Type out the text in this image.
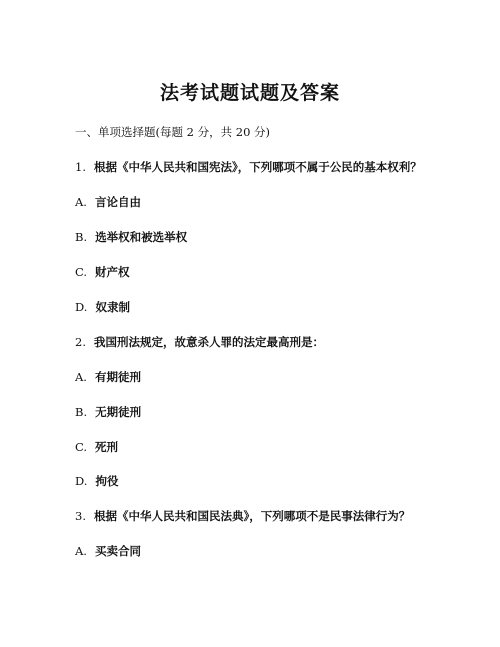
法考试题试题及答案
一、单项选择题(每题 2 分，共 20 分)
1. 根据《中华人民共和国宪法》，下列哪项不属于公民的基本权利？
A. 言论自由
B. 选举权和被选举权
C. 财产权
D. 奴隶制
2. 我国刑法规定，故意杀人罪的法定最高刑是：
A. 有期徒刑
B. 无期徒刑
C. 死刑
D. 拘役
3. 根据《中华人民共和国民法典》，下列哪项不是民事法律行为？
A. 买卖合同
